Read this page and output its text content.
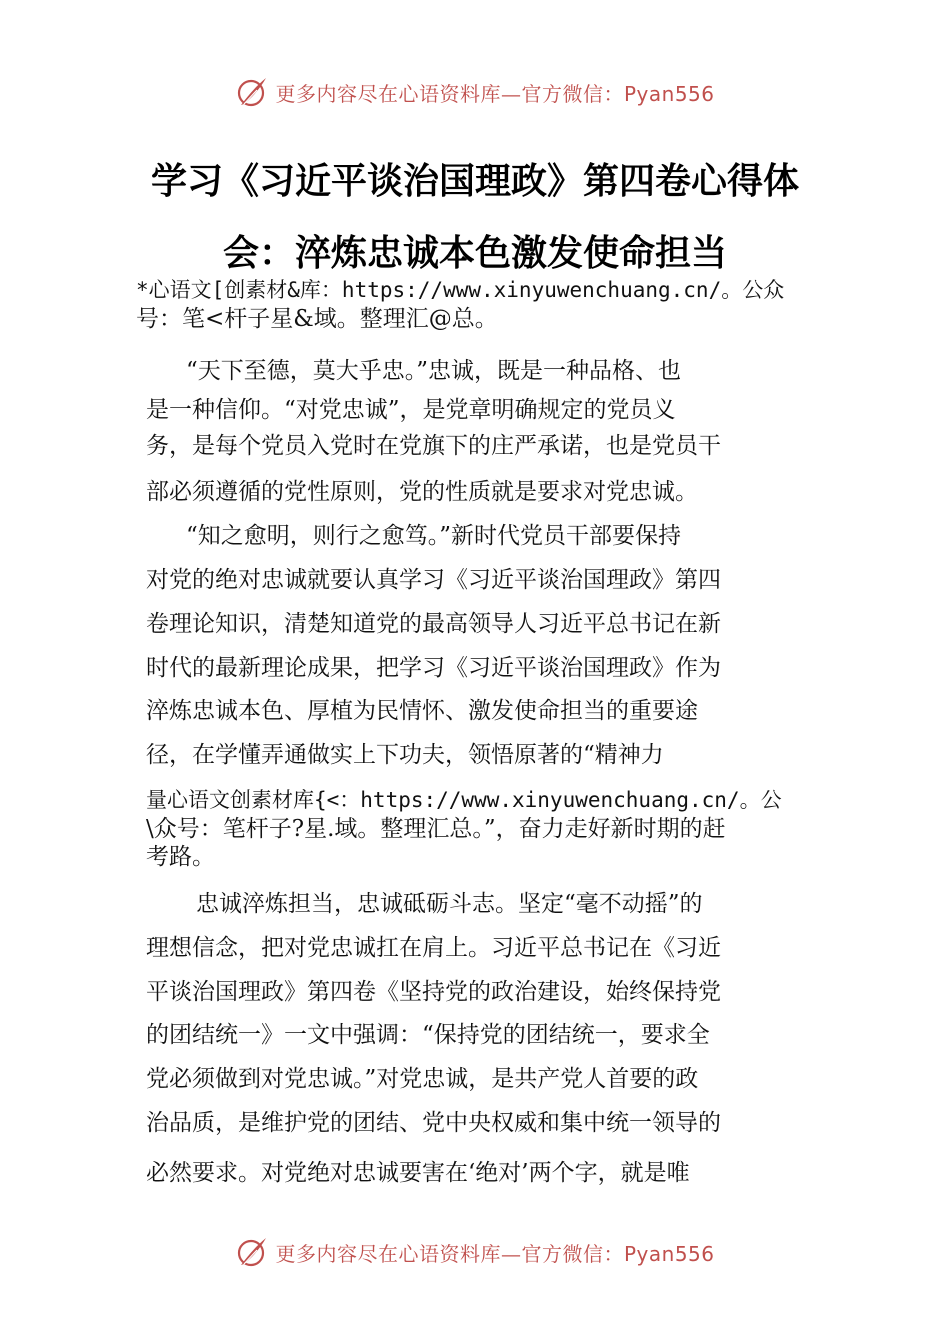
更多内容尽在心语资料库—官方微信：Pyan556
学习《习近平谈治国理政》第四卷心得体
会：淬炼忠诚本色激发使命担当
*心语文[创素材&库：https://www.xinyuwenchuang.cn/。公众
号：笔<杆子星&域。整理汇@总。
“天下至德，莫大乎忠。”忠诚，既是一种品格、也
是一种信仰。“对党忠诚”，是党章明确规定的党员义
务，是每个党员入党时在党旗下的庄严承诺，也是党员干
部必须遵循的党性原则，党的性质就是要求对党忠诚。
“知之愈明，则行之愈笃。”新时代党员干部要保持
对党的绝对忠诚就要认真学习《习近平谈治国理政》第四
卷理论知识，清楚知道党的最高领导人习近平总书记在新
时代的最新理论成果，把学习《习近平谈治国理政》作为
淬炼忠诚本色、厚植为民情怀、激发使命担当的重要途
径，在学懂弄通做实上下功夫，领悟原著的“精神力
量心语文创素材库{<：https://www.xinyuwenchuang.cn/。公
\众号：笔杆子?星.域。整理汇总。”，奋力走好新时期的赶
考路。
忠诚淬炼担当，忠诚砥砺斗志。坚定“毫不动摇”的
理想信念，把对党忠诚扛在肩上。习近平总书记在《习近
平谈治国理政》第四卷《坚持党的政治建设，始终保持党
的团结统一》一文中强调：“保持党的团结统一，要求全
党必须做到对党忠诚。”对党忠诚，是共产党人首要的政
治品质，是维护党的团结、党中央权威和集中统一领导的
必然要求。对党绝对忠诚要害在‘绝对’两个字，就是唯
更多内容尽在心语资料库—官方微信：Pyan556
